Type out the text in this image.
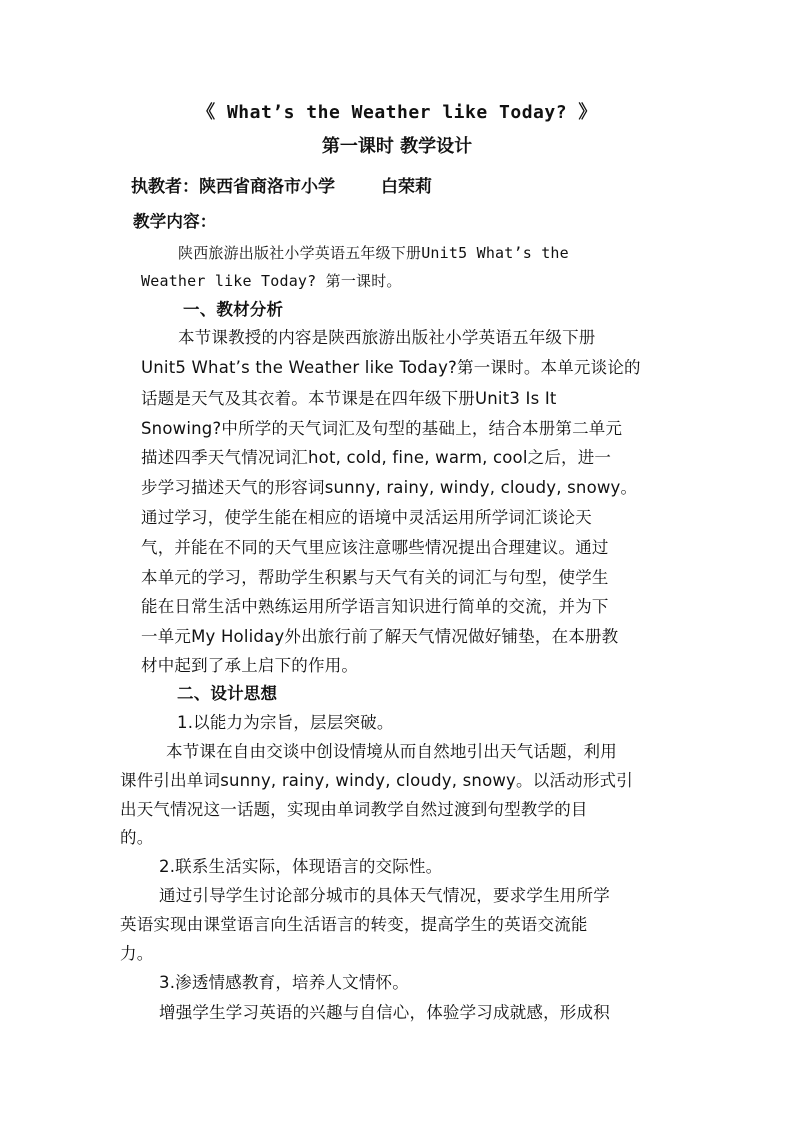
《 What’s the Weather like Today? 》
第一课时 教学设计
执教者：陕西省商洛市小学	白荣莉
教学内容：
陕西旅游出版社小学英语五年级下册Unit5 What’s the
Weather like Today? 第一课时。
一、教材分析
本节课教授的内容是陕西旅游出版社小学英语五年级下册
Unit5 What’s the Weather like Today?第一课时。本单元谈论的
话题是天气及其衣着。本节课是在四年级下册Unit3 Is It
Snowing?中所学的天气词汇及句型的基础上，结合本册第二单元
描述四季天气情况词汇hot, cold, fine, warm, cool之后，进一
步学习描述天气的形容词sunny, rainy, windy, cloudy, snowy。
通过学习，使学生能在相应的语境中灵活运用所学词汇谈论天
气，并能在不同的天气里应该注意哪些情况提出合理建议。通过
本单元的学习，帮助学生积累与天气有关的词汇与句型，使学生
能在日常生活中熟练运用所学语言知识进行简单的交流，并为下
一单元My Holiday外出旅行前了解天气情况做好铺垫，在本册教
材中起到了承上启下的作用。
二、设计思想
1.以能力为宗旨，层层突破。
本节课在自由交谈中创设情境从而自然地引出天气话题，利用
课件引出单词sunny, rainy, windy, cloudy, snowy。以活动形式引
出天气情况这一话题，实现由单词教学自然过渡到句型教学的目
的。
2.联系生活实际，体现语言的交际性。
通过引导学生讨论部分城市的具体天气情况，要求学生用所学
英语实现由课堂语言向生活语言的转变，提高学生的英语交流能
力。
3.渗透情感教育，培养人文情怀。
增强学生学习英语的兴趣与自信心，体验学习成就感，形成积
